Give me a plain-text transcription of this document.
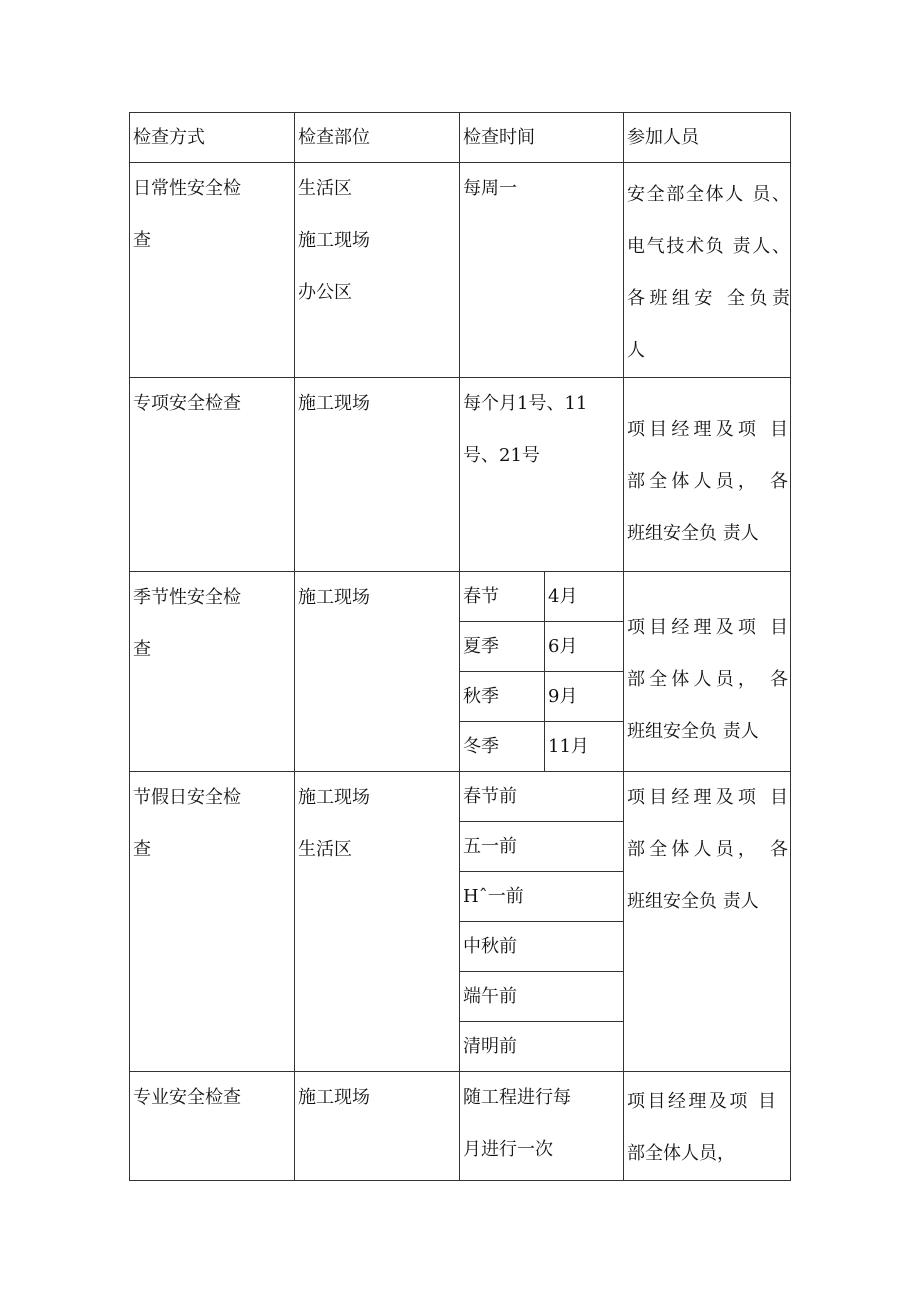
检查方式	检查部位	检查时间		参加人员

日常性安全检
查	生活区
施工现场
办公区	每周一		安全部全体人 员、
电气技术负 责人、
各班组安 全负责
人

专项安全检查	施工现场	每个月1号、11
号、21号		项目经理及项 目
部全体人员， 各
班组安全负 责人

季节性安全检
查	施工现场	春节	4月	项目经理及项 目
部全体人员， 各
班组安全负 责人

		夏季	6月	
		秋季	9月	
		冬季	11月	

节假日安全检
查	施工现场
生活区	春节前		项目经理及项 目
部全体人员， 各
班组安全负 责人

		五一前		
		Hˆ一前		
		中秋前		
		端午前		
		清明前		

专业安全检查	施工现场	随工程进行每
月进行一次		项目经理及项 目
部全体人员，
